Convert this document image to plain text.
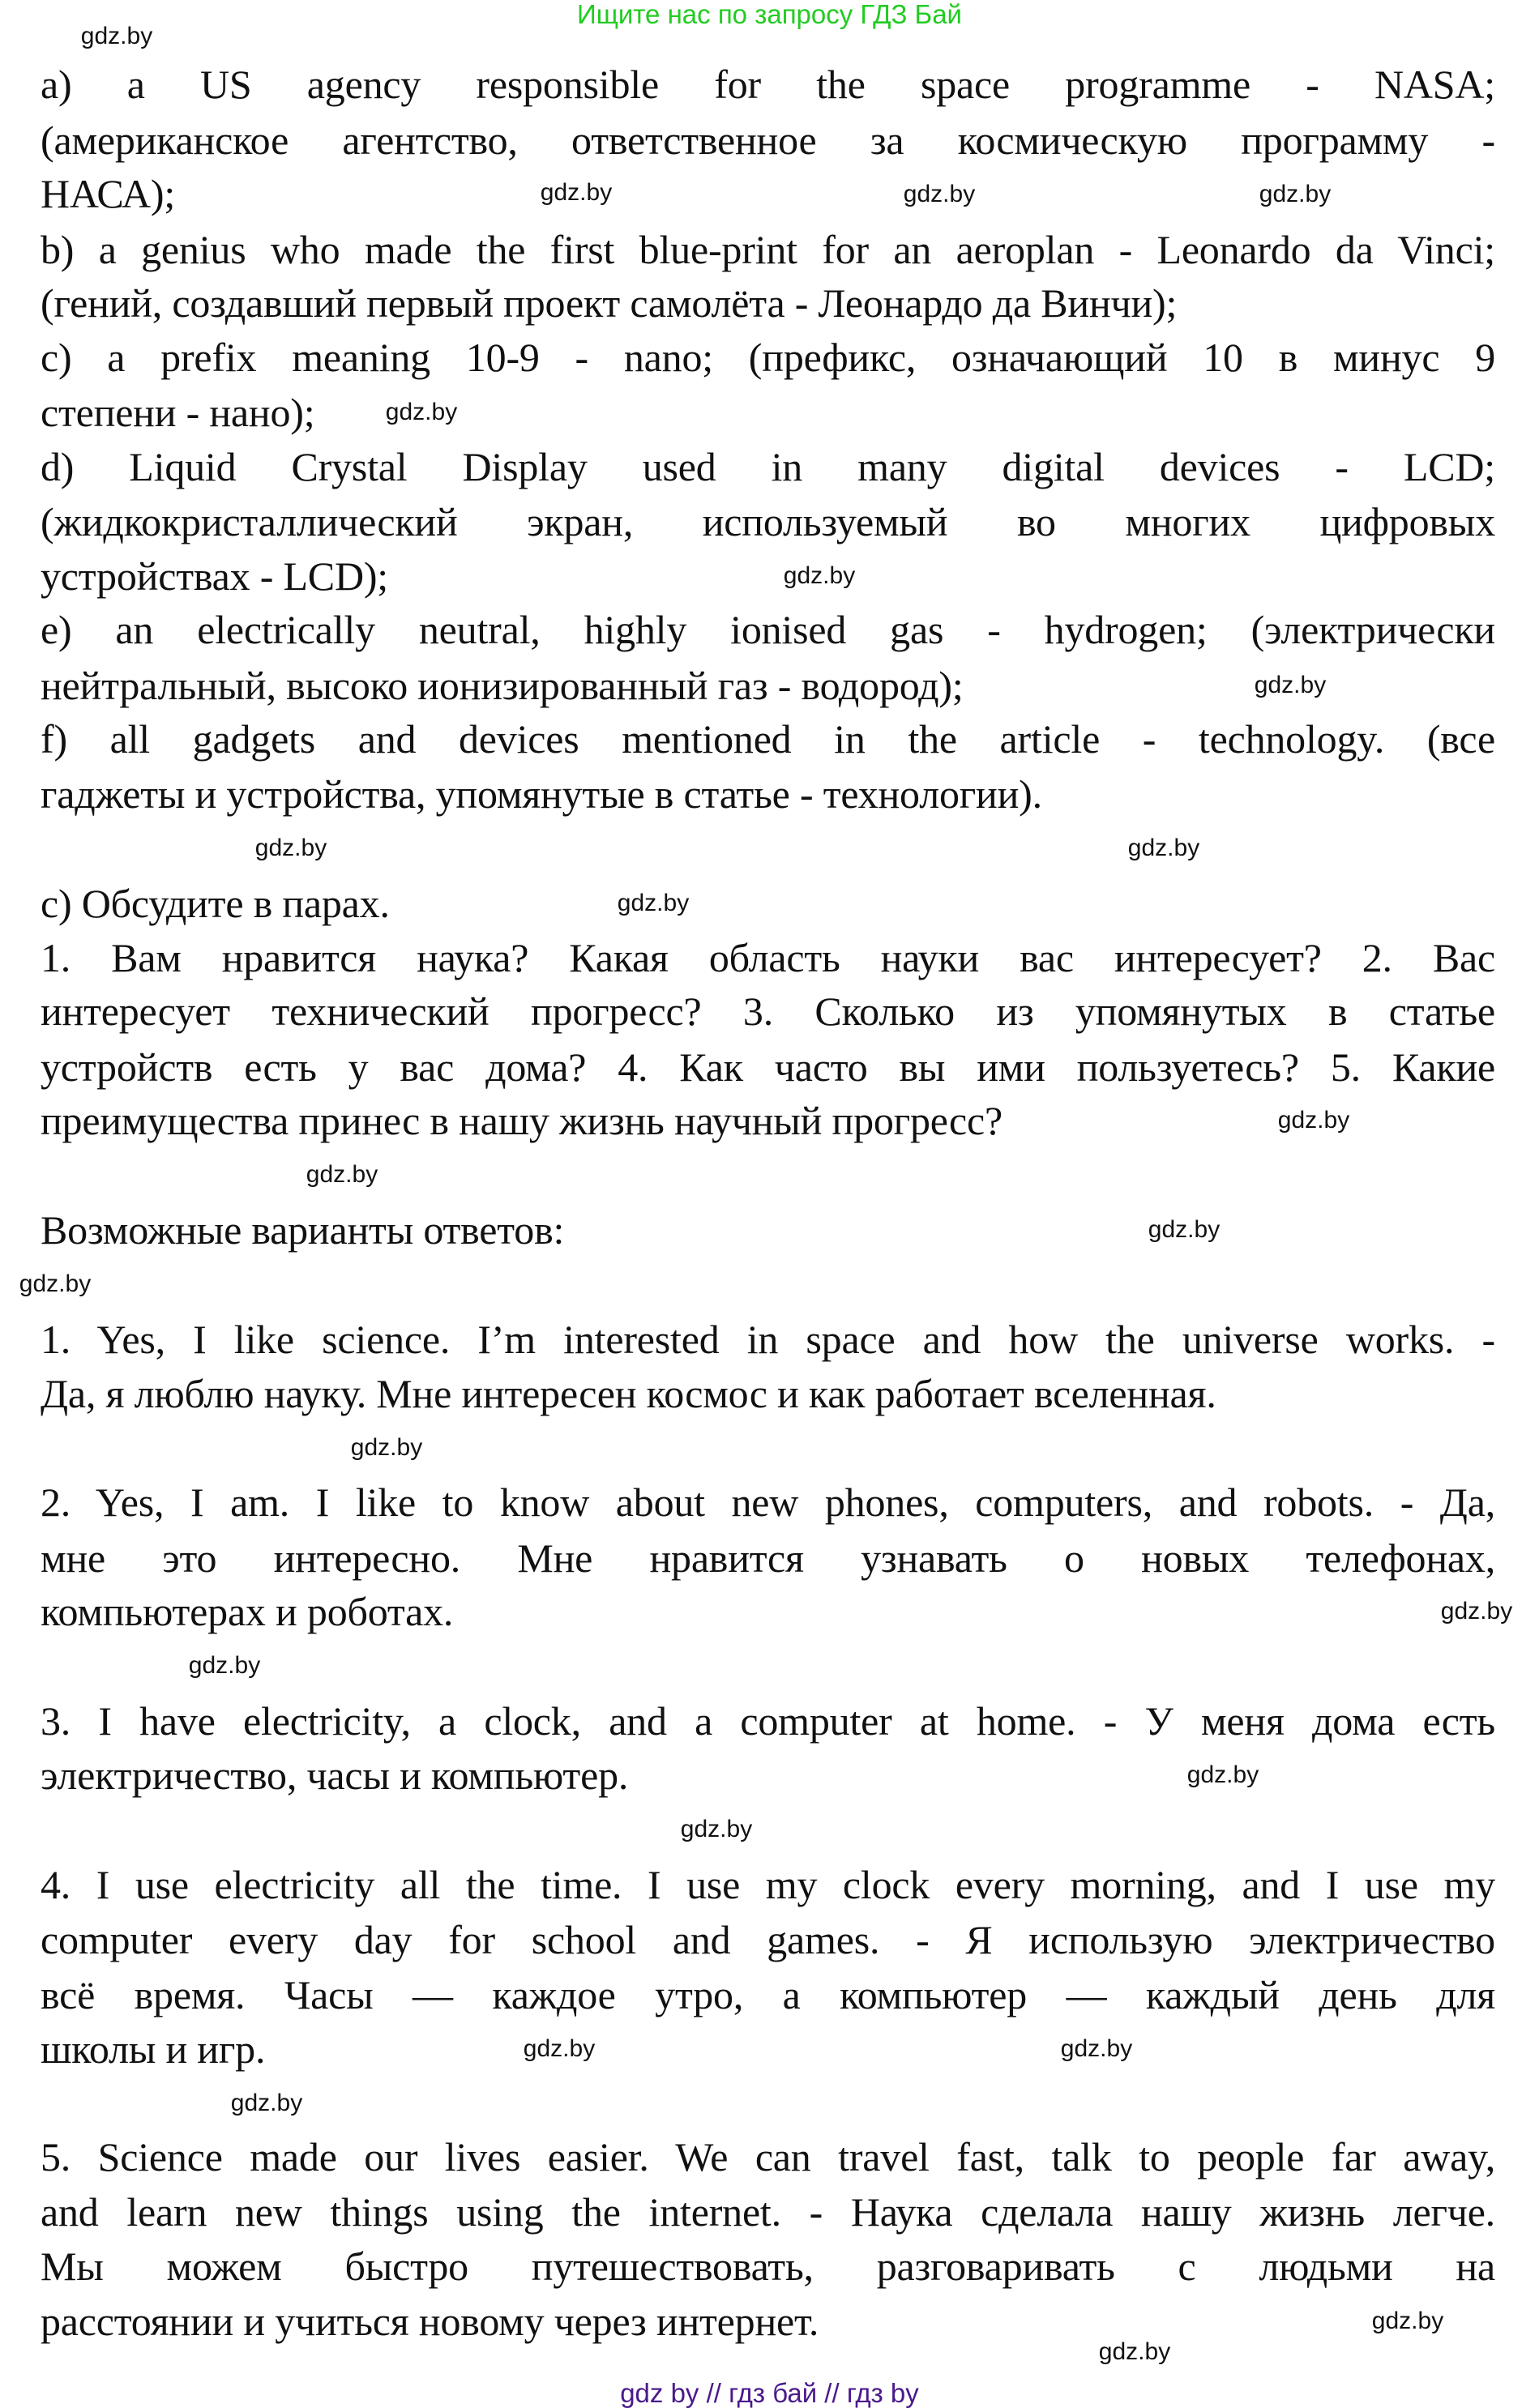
Ищите нас по запросу ГДЗ Бай
a) a US agency responsible for the space programme - NASA;
(американское агентство, ответственное за космическую программу -
НАСА);
b) a genius who made the first blue-print for an aeroplan - Leonardo da Vinci;
(гений, создавший первый проект самолёта - Леонардо да Винчи);
c) a prefix meaning 10-9 - nano; (префикс, означающий 10 в минус 9
степени - нано);
d) Liquid Crystal Display used in many digital devices - LCD;
(жидкокристаллический экран, используемый во многих цифровых
устройствах - LCD);
e) an electrically neutral, highly ionised gas - hydrogen; (электрически
нейтральный, высоко ионизированный газ - водород);
f) all gadgets and devices mentioned in the article - technology. (все
гаджеты и устройства, упомянутые в статье - технологии).
c) Обсудите в парах.
1. Вам нравится наука? Какая область науки вас интересует? 2. Вас
интересует технический прогресс? 3. Сколько из упомянутых в статье
устройств есть у вас дома? 4. Как часто вы ими пользуетесь? 5. Какие
преимущества принес в нашу жизнь научный прогресс?
Возможные варианты ответов:
1. Yes, I like science. I’m interested in space and how the universe works. -
Да, я люблю науку. Мне интересен космос и как работает вселенная.
2. Yes, I am. I like to know about new phones, computers, and robots. - Да,
мне это интересно. Мне нравится узнавать о новых телефонах,
компьютерах и роботах.
3. I have electricity, a clock, and a computer at home. - У меня дома есть
электричество, часы и компьютер.
4. I use electricity all the time. I use my clock every morning, and I use my
computer every day for school and games. - Я использую электричество
всё время. Часы — каждое утро, а компьютер — каждый день для
школы и игр.
5. Science made our lives easier. We can travel fast, talk to people far away,
and learn new things using the internet. - Наука сделала нашу жизнь легче.
Мы можем быстро путешествовать, разговаривать с людьми на
расстоянии и учиться новому через интернет.
gdz.by
gdz.by
gdz.by	gdz.by
gdz.by
gdz.by
gdz.by
gdz.by	gdz.by
gdz.by
gdz.by
gdz.by
gdz.by
gdz.by
gdz.by
gdz.by
gdz.by
gdz.by
gdz.by
gdz.by
gdz.by
gdz.by
gdz.by
gdz.by
gdz by // гдз бай // гдз by
